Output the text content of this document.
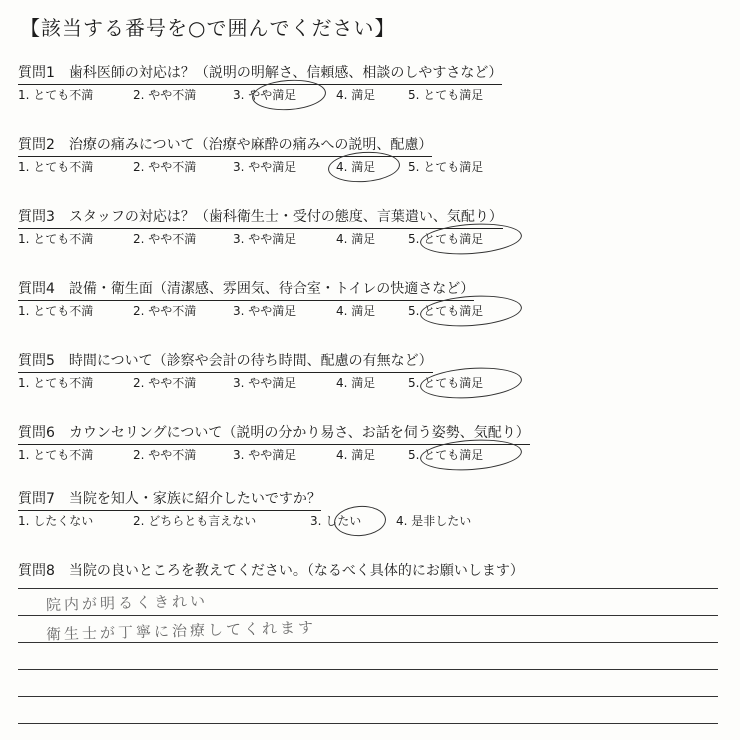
【該当する番号を○で囲んでください】
質問1 歯科医師の対応は？（説明の明解さ、信頼感、相談のしやすさなど）
1. とても不満	2. やや不満	3. やや満足	4. 満足	5. とても満足
質問2 治療の痛みについて（治療や麻酔の痛みへの説明、配慮）
1. とても不満	2. やや不満	3. やや満足	4. 満足	5. とても満足
質問3 スタッフの対応は？（歯科衛生士・受付の態度、言葉遣い、気配り）
1. とても不満	2. やや不満	3. やや満足	4. 満足	5. とても満足
質問4 設備・衛生面（清潔感、雰囲気、待合室・トイレの快適さなど）
1. とても不満	2. やや不満	3. やや満足	4. 満足	5. とても満足
質問5 時間について（診察や会計の待ち時間、配慮の有無など）
1. とても不満	2. やや不満	3. やや満足	4. 満足	5. とても満足
質問6 カウンセリングについて（説明の分かり易さ、お話を伺う姿勢、気配り）
1. とても不満	2. やや不満	3. やや満足	4. 満足	5. とても満足
質問7 当院を知人・家族に紹介したいですか？
1. したくない	2. どちらとも言えない	3. したい	4. 是非したい
質問8 当院の良いところを教えてください。（なるべく具体的にお願いします）
院内が明るくきれい
衛生士が丁寧に治療してくれます
